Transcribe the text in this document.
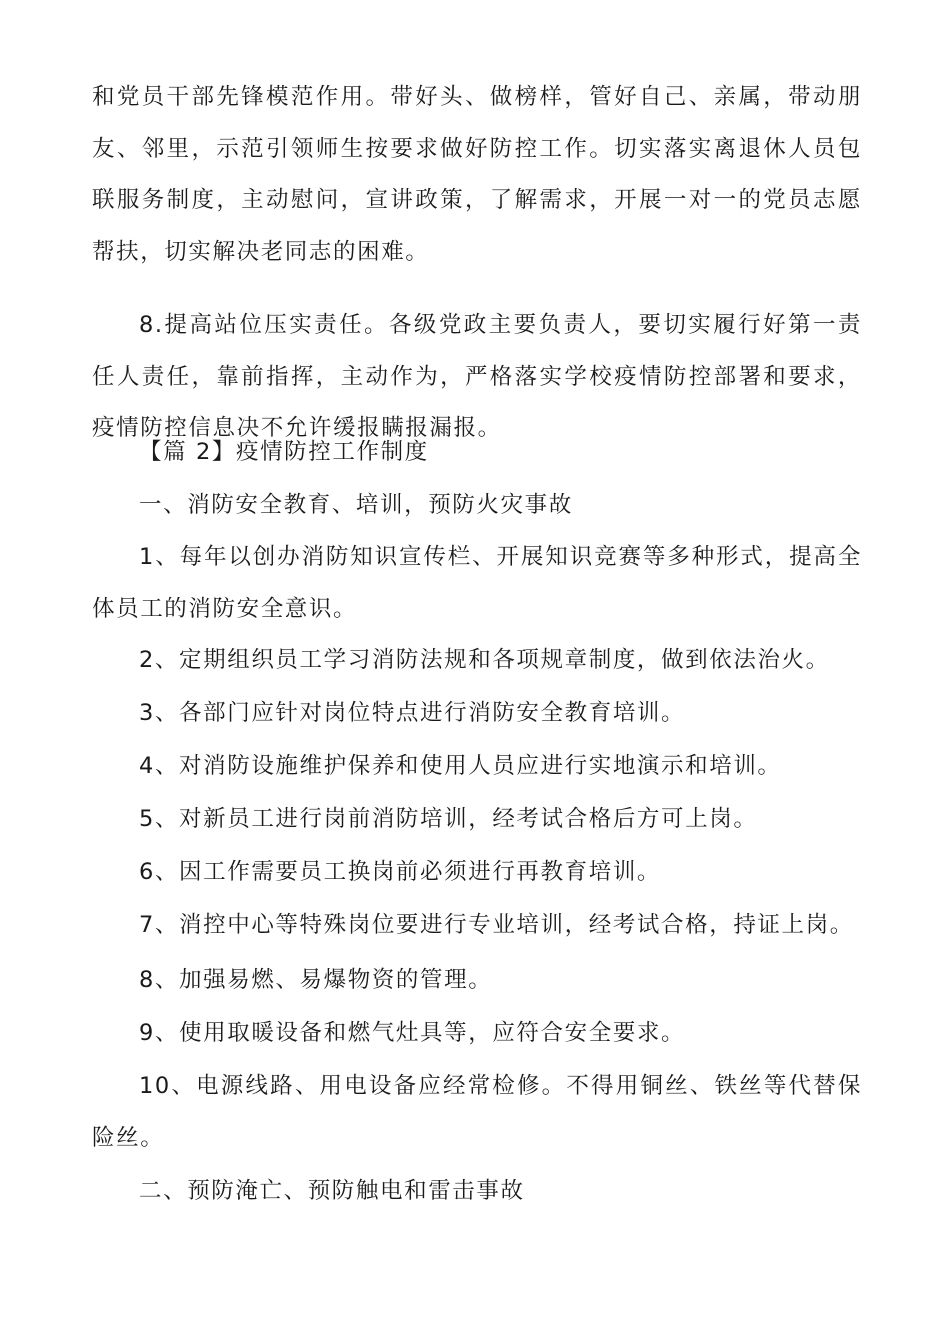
和党员干部先锋模范作用。带好头、做榜样，管好自己、亲属，带动朋友、邻里，示范引领师生按要求做好防控工作。切实落实离退休人员包联服务制度，主动慰问，宣讲政策，了解需求，开展一对一的党员志愿帮扶，切实解决老同志的困难。

8.提高站位压实责任。各级党政主要负责人，要切实履行好第一责任人责任，靠前指挥，主动作为，严格落实学校疫情防控部署和要求，疫情防控信息决不允许缓报瞒报漏报。

【篇 2】疫情防控工作制度

一、消防安全教育、培训，预防火灾事故

1、每年以创办消防知识宣传栏、开展知识竞赛等多种形式，提高全体员工的消防安全意识。

2、定期组织员工学习消防法规和各项规章制度，做到依法治火。

3、各部门应针对岗位特点进行消防安全教育培训。

4、对消防设施维护保养和使用人员应进行实地演示和培训。

5、对新员工进行岗前消防培训，经考试合格后方可上岗。

6、因工作需要员工换岗前必须进行再教育培训。

7、消控中心等特殊岗位要进行专业培训，经考试合格，持证上岗。

8、加强易燃、易爆物资的管理。

9、使用取暖设备和燃气灶具等，应符合安全要求。

10、电源线路、用电设备应经常检修。不得用铜丝、铁丝等代替保险丝。

二、预防淹亡、预防触电和雷击事故
